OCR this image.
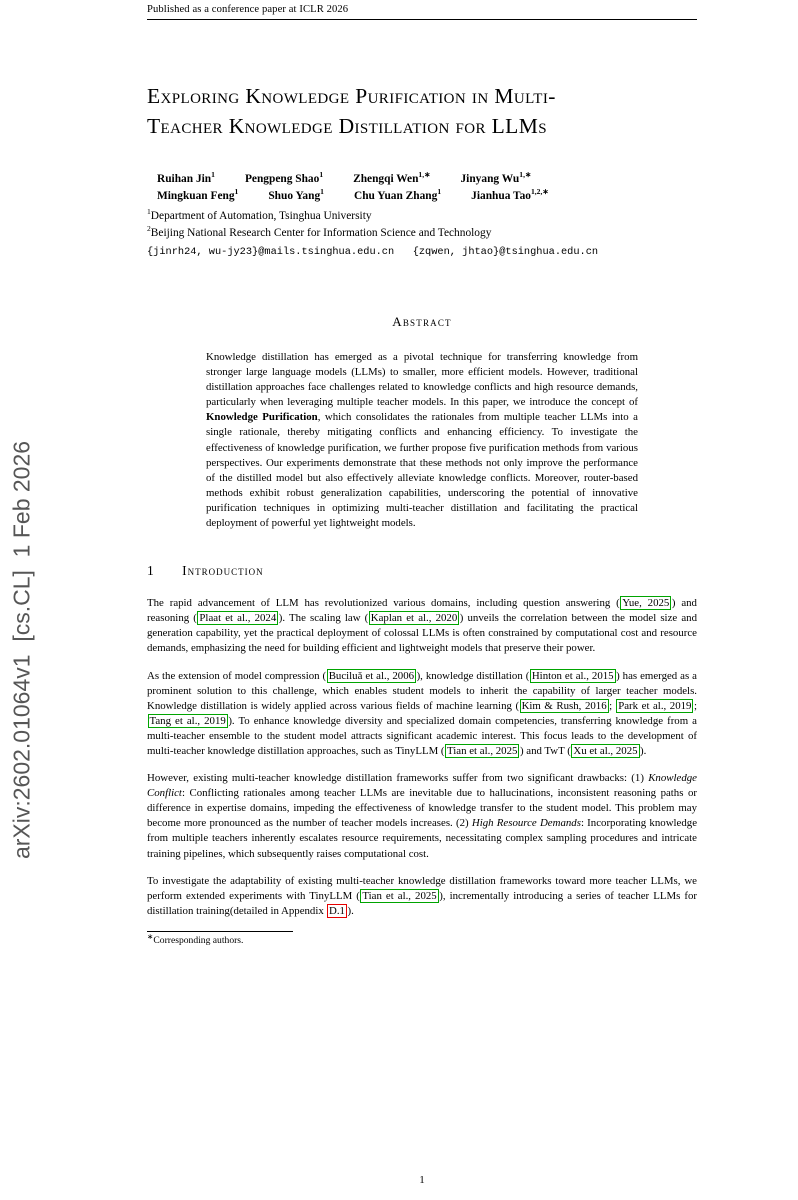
Published as a conference paper at ICLR 2026
arXiv:2602.01064v1  [cs.CL]  1 Feb 2026
Exploring Knowledge Purification in Multi-
Teacher Knowledge Distillation for LLMs
Ruihan Jin$^1$	Pengpeng Shao$^1$	Zhengqi Wen$^{1,∗}$	Jinyang $Wu^{1,∗}$
Mingkuan Feng$^1$	Shuo Yang$^1$	Chu Yuan Zhang$^1$	Jianhua Tao$^{1,2,∗}$
$^1$Department of Automation, Tsinghua University
$^2$Beijing National Research Center for Information Science and Technology
{jinrh24, wu-jy23}@mails.tsinghua.edu.cn   {zqwen, jhtao}@tsinghua.edu.cn
Abstract
Knowledge distillation has emerged as a pivotal technique for transferring knowledge from stronger large language models (LLMs) to smaller, more efficient models. However, traditional distillation approaches face challenges related to knowledge conflicts and high resource demands, particularly when leveraging multiple teacher models. In this paper, we introduce the concept of Knowledge Purification, which consolidates the rationales from multiple teacher LLMs into a single rationale, thereby mitigating conflicts and enhancing efficiency. To investigate the effectiveness of knowledge purification, we further propose five purification methods from various perspectives. Our experiments demonstrate that these methods not only improve the performance of the distilled model but also effectively alleviate knowledge conflicts. Moreover, router-based methods exhibit robust generalization capabilities, underscoring the potential of innovative purification techniques in optimizing multi-teacher distillation and facilitating the practical deployment of powerful yet lightweight models.
1 Introduction

The rapid advancement of LLM has revolutionized various domains, including question answering ( Yue, 2025 ) and reasoning ( Plaat et al., 2024 ). The scaling law ( Kaplan et al., 2020 ) unveils the correlation between the model size and generation capability, yet the practical deployment of colossal LLMs is often constrained by computational cost and resource demands, emphasizing the need for building efficient and lightweight models that preserve their power.

As the extension of model compression ( Buciluǎ et al., 2006 ), knowledge distillation ( Hinton et al., 2015 ) has emerged as a prominent solution to this challenge, which enables student models to inherit the capability of larger teacher models. Knowledge distillation is widely applied across various fields of machine learning ( Kim & Rush, 2016 ; Park et al., 2019 ; Tang et al., 2019 ). To enhance knowledge diversity and specialized domain competencies, transferring knowledge from a multi-teacher ensemble to the student model attracts significant academic interest. This focus leads to the development of multi-teacher knowledge distillation approaches, such as TinyLLM ( Tian et al., 2025 ) and TwT ( Xu et al., 2025 ).

However, existing multi-teacher knowledge distillation frameworks suffer from two significant drawbacks: (1) Knowledge Conflict: Conflicting rationales among teacher LLMs are inevitable due to hallucinations, inconsistent reasoning paths or difference in expertise domains, impeding the effectiveness of knowledge transfer to the student model. This problem may become more pronounced as the number of teacher models increases. (2) High Resource Demands: Incorporating knowledge from multiple teachers inherently escalates resource requirements, necessitating complex sampling procedures and intricate training pipelines, which subsequently raises computational cost.

To investigate the adaptability of existing multi-teacher knowledge distillation frameworks toward more teacher LLMs, we perform extended experiments with TinyLLM ( Tian et al., 2025 ), incrementally introducing a series of teacher LLMs for distillation training(detailed in Appendix D.1 ).

∗Corresponding authors.
1
